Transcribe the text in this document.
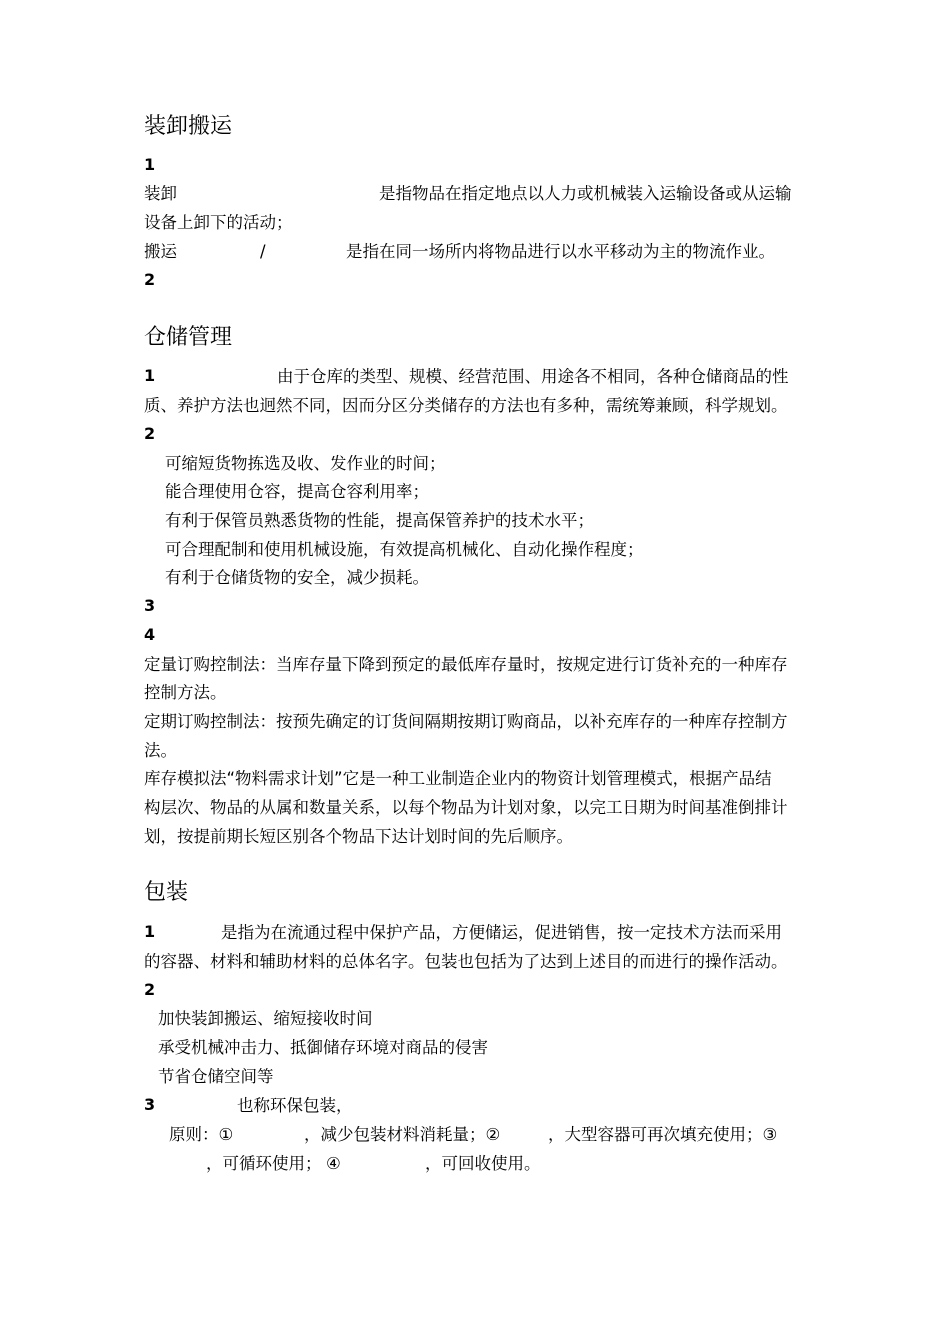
装卸搬运
1
装卸	是指物品在指定地点以人力或机械装入运输设备或从运输
设备上卸下的活动；
搬运	/	是指在同一场所内将物品进行以水平移动为主的物流作业。
2
仓储管理
1	由于仓库的类型、规模、经营范围、用途各不相同，各种仓储商品的性
质、养护方法也迥然不同，因而分区分类储存的方法也有多种，需统筹兼顾，科学规划。
2
可缩短货物拣选及收、发作业的时间；
能合理使用仓容，提高仓容利用率；
有利于保管员熟悉货物的性能，提高保管养护的技术水平；
可合理配制和使用机械设施，有效提高机械化、自动化操作程度；
有利于仓储货物的安全，减少损耗。
3
4
定量订购控制法：当库存量下降到预定的最低库存量时，按规定进行订货补充的一种库存
控制方法。
定期订购控制法：按预先确定的订货间隔期按期订购商品，以补充库存的一种库存控制方
法。
库存模拟法“物料需求计划”它是一种工业制造企业内的物资计划管理模式，根据产品结
构层次、物品的从属和数量关系，以每个物品为计划对象，以完工日期为时间基准倒排计
划，按提前期长短区别各个物品下达计划时间的先后顺序。
包装
1	是指为在流通过程中保护产品，方便储运，促进销售，按一定技术方法而采用
的容器、材料和辅助材料的总体名字。包装也包括为了达到上述目的而进行的操作活动。
2
加快装卸搬运、缩短接收时间
承受机械冲击力、抵御储存环境对商品的侵害
节省仓储空间等
3	也称环保包装，
原则：①	，减少包装材料消耗量；②	，大型容器可再次填充使用；③
，可循环使用； ④	，可回收使用。
